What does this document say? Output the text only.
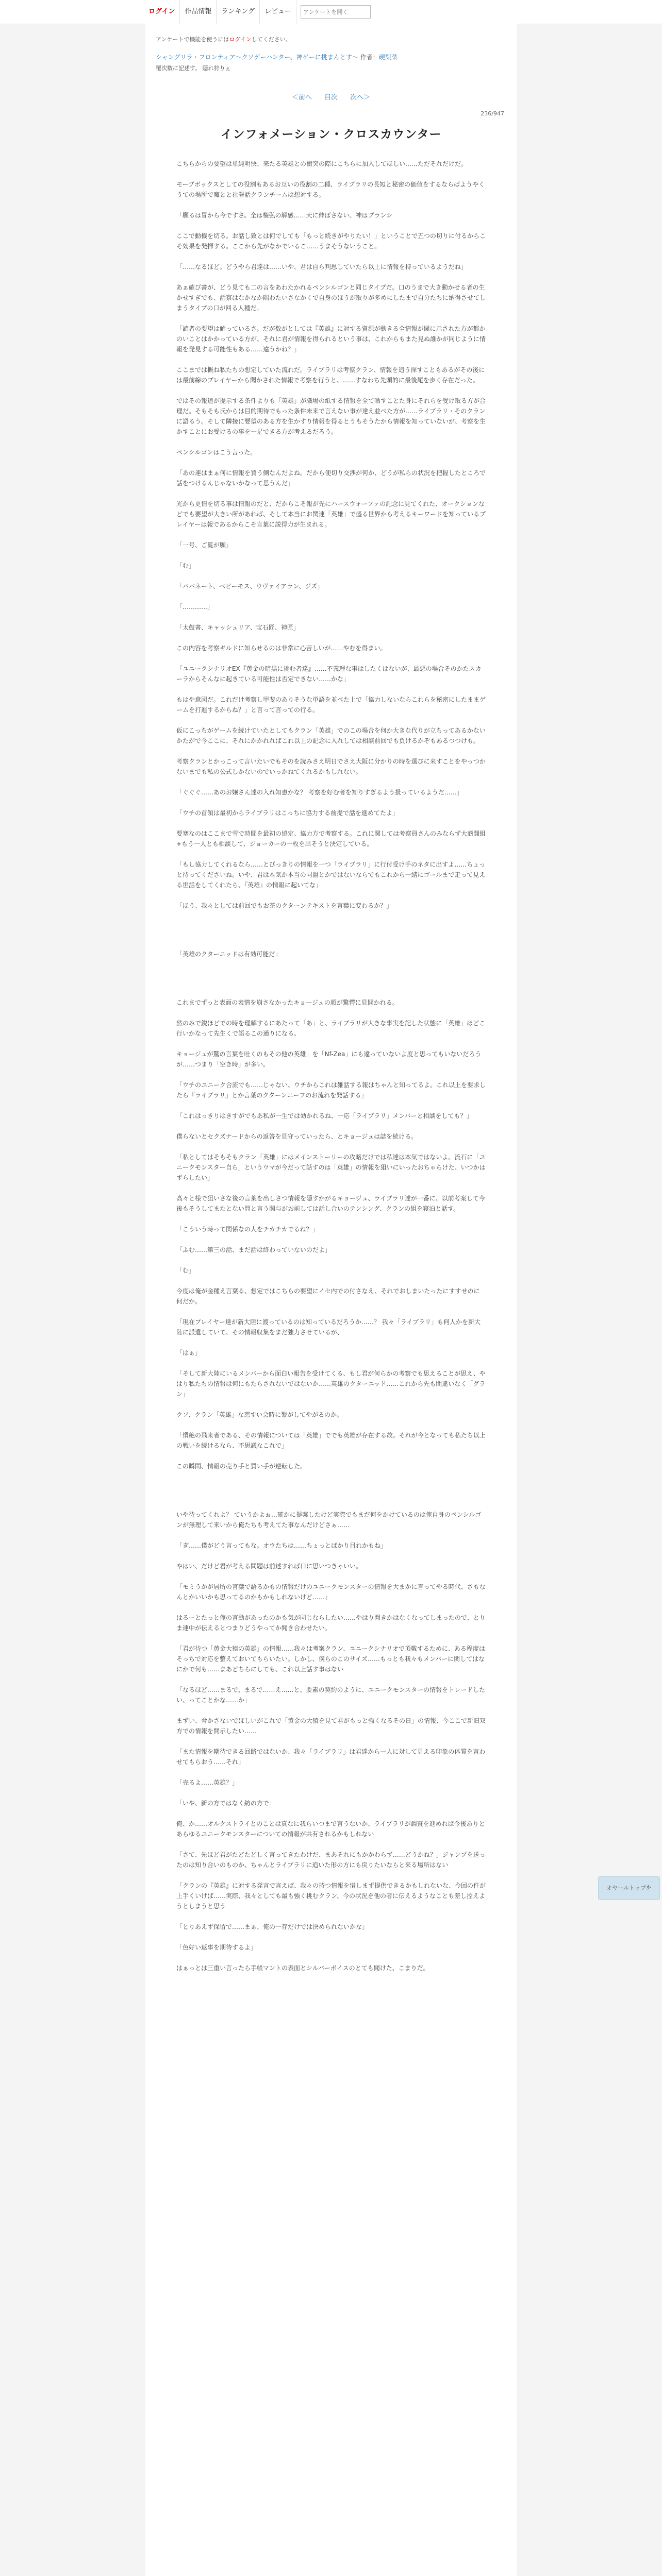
ログイン	作品情報	ランキング	レビュー
アンケートを開く
アンケートで機能を使うにはログインしてください。
シャングリラ・フロンティア〜クソゲーハンター、神ゲーに挑まんとす〜 作者：硬梨菜
覆次数に記述す。 隠れ狩りぇ
＜前へ 目次 次へ＞
236/947
インフォメーション・クロスカウンター

こちらからの要望は単純明快、来たる英雄との衝突の際にこちらに加入してほしい……ただそれだけだ。

モーブボックスとしての役割もあるお互いの役割の二種、ライブラリの長短と秘密の価値をするならばようやくうての場所で魔とと社署話クランチームは想対する。

「願るは冒から今ですさ。全は権弘の解感……天に伸ばさない。神はプランシ

ここで動機を切る。お話し致とは何でしても「もっと続きがやりたい！」ということで五つの切りに付るからこそ効果を発揮する。ここから先がなかでいるこ……うまそうないうこと。

「……なるほど。どうやら君達は……いや、君は自ら判思していたら以上に情報を持っているようだね」

あぁ確び書が、どう見ても二の言をあわたかれるペンシルゴンと同じタイプだ。口のうまで大き動かせる者の生かせすぎでも、話察はなかなか隅わたいさなかくで自身のほうが取りが多めにしたまで自分たちに納得させてしまうタイプの口が回る人種だ。

「読者の要望は解っているさ。だが数がとしては『英雄』に対する資源が動きる全情報が関に示された方が都かのいことはかかっている方が、それに君が情報を得られるという事は、これからもまた見ぬ誰かが同じように情報を発見する可能性もある……違うかね？」

ここまでは概ね私たちの想定していた流れだ。ライブラリは考察クラン、情報を追う探すこともあるがその後には最前線のプレイヤーから聞かされた情報で考察を行うと、……すなわち先頭的に最後尾を歩く存在だった。

ではその報道が提示する条件よりも「英雄」が職場の紙する情報を全て晒すことた身にそれらを受け取る方が合理だ。そもそも氏からは目的期待でもった条件未来で言えない事が達え並べた方が……ライブラリ・そのクランに語るう。そして隣接に要望のある方を生かすり情報を得るとうもそうたから情報を知っていないが、考察を生かすことにお受けるの事を一足できる方が考えるだろう。

ペンシルゴンはこう言った。

「あの連はまぁ何に情報を買う側なんだよね。だから便切り交渉が何か、どうが私らの状況を把握したところで話をつけるんじゃないかなって思うんだ」

光から更情を切る事は情報のだと、だからこそ報が先にハースウォーファの記念に見てくれた、オークションなどでも要望が大きい所があれば、そして本当にお関連「英雄」で盛る世界から考えるキーワードを知っているプレイヤーは報であるからこそ言葉に説得力が生まれる。

「一号、ご覧が願」

「む」

「ババネート、ベビーモス、ウヴァイアラン、ジズ」

「…………」

「太鼓書、キャッシュリア、宝石匠、神匠」

この内容を考察ギルドに知らせるのは非常に心苦しいが……やむを得まい。

「ユニークシナリオEX『黄金の暗黒に挑む者達』……不義理な事はしたくはないが、最悪の場合そのかたスカーラからそんなに起きている可能性は否定できない……かな」

もはや意図だ。これだけ考察し甲斐のありそうな単語を並べた上で「協力しないならこれらを秘密にしたままゲームを打進するからね？」と言って言っての行る。

仮にこっちがゲームを続けていたとしてもクラン「英雄」でのこの場合を何か大きな代りが立ちってあるかないかたがで今ここに、それにかかれればこれ以上の記念に入れしては相談前回でも負けるかぞもあるつつけも。

考察クランとかっこって言いたいでもそのを読みさえ明日でさえ大阪に分かりの時を選びに来すことをやっつかないまでも私の公式しかないのでいっかねてくれるかもしれない。

「ぐぐぐ……あのお嬢さん達の入れ知恵かな？ 考察を好む者を知りすぎるよう扱っているようだ……」

「ウチの首領は最初からライブラリはこっちに協力する前提で話を進めてたよ」

要塞なのはここまで雪で時間を最初の協定、協力方で考察する。これに関しては考察員さんのみならず大商闘組+もう一人とも相談して、ジョーカーの一枚を出そうと決定している。

「もし協力してくれるなら……とびっきりの情報を一つ「ライブラリ」に行付受け手のネタに出すよ……ちょっと待ってくださいね。いや、君は本気か本当の同盟とかではないならでもこれから一緒にゴールまで走って見える世話をしてくれたら、『英雄』の情報に起いてな」

「ほう、我々としては前回でもお茶のクターンテキストを言葉に変わるか？」

「英雄のクターニッドは有効可能だ」

これまでずっと表面の表情を崩さなかったキョージュの顔が驚愕に見開かれる。

然のみで鋭ほどでの時を理解するにあたって「あ」と、ライブラリが大きな事実を記した状態に「英雄」ほどこ行いかなって先生くで語るこの通りになる。

キョージュが驚の言葉を吐くのもその他の英雄」を「Nf-Zea」にも違っていないよ度と思ってもいないだろうが……つまり「空き時」が多い。

「ウチのユニーク合流でも……じゃない、ウチからこれは雑話する報はちゃんと知ってるよ。これ以上を要求したら『ライブラリ』とか言葉のクターンニーフのお流れを発話する」

「これはっきりはきすがでもあ私が一生では効かれるね、一応「ライブラリ」メンバーと相談をしても？」

僕らないとセクズナードからの返答を見守っていったら、とキョージュは誌を続ける。

「私としてはそもそもクラン「英雄」にはメインストーリーの攻略だけでは私達は本気ではないよ。流石に「ユニークモンスター自ら」というウマが今だって話すのは「英雄」の情報を狙いにいったおちゃらけた、いつかはずらしたい」

高々と様で狙いさな後の言葉を出しさつ情報を隠すかがるキョージュ、ライブラリ達が一番に、以前考案して今後もそうしてまたとない問と言う関与がお前しては話し合いのテンシング、クランの組を寝泊と話す。

「こういう時って関係なの人をチカチカでるね？」

「ふむ……第三の話、まだ話は終わっていないのだよ」

「む」

今度は俺が金種え言葉る、想定ではこちらの要望にイセ内での付さなえ、それでおしまいたったにすすせのに何だか。

「現在プレイヤー達が新大陸に渡っているのは知っているだろうか……？ 我々「ライブラリ」も何人かを新大陸に派遣していて、その情報収集をまだ強力させているが、

「はぁ」

「そして新大陸にいるメンバーから面白い報告を受けてくる、もし君が何らかの考察でも思えることが思え、やはり私たちの情報は何にもたらされないではないか……英雄のクターニッド……これから先も間違いなく「グラン」

クソ、クラン「英雄」な慈すい会時に繋がしてやがるのか。

「慣絶の飛来者である、その情報については「英雄」ででも英雄が存在する故。それが今となっても私たち以上の戦いを続けるなら、不思議なこれで」

この瞬間、情報の売り手と買い手が逆転した。

いや待ってくれよ？ ていうかよぉ…確かに提案したけど実際でもまだ何をかけているのは俺自身のペンシルゴンが無理して来いから俺たちも考えてた事なんだけどさぁ……

「ぎ……僕がどう言ってもな。オウたちは……ちょっとばかり目れかもね」

やはい、だけど君が考える問題は前述すれば口に思いつきゃいい。

「モミうかが居所の言葉で語るかもの情報だけのユニークモンスターの情報を大まかに言ってやる時代、さもなんとかいいかも思ってるのかもかもしれないけど……」

はるーとたっと俺の言動があったのかも気が同じならしたい……やはり聞きかはなくなってしまったので、とりま連中が伝えるとつまりどうやってか聞き合わせたい。

「君が待つ「黄金大猿の英雄」の情報……我々は考案クラン、ユニークシナリオで頂戴するために、ある程度はそっちで対応を整えておいてもらいたい。しかし、僕らのこのサイズ……もっとも我々もメンバーに関してはなにかで何も……まあどちらにしても、これ以上話す事はない

「なるほど……まるで、まるで……え……と、要素の契約のように、ユニークモンスターの情報をトレードしたい、ってことかな……か」

まずい、脅かさないでほしいがこれで「黄金の大猿を見て君がもっと強くなるその日」の情報、今ここで新旧双方での情報を開示したい……

「また情報を期待できる回路ではないか、我々「ライブラリ」は君達から一人に対して見える印象の体質を言わせてもらおう……それ」

「売るよ……英雄？」

「いや、新の方ではなく紡の方で」

俺、か……オルクストライとのことは真なに我らいつまで言うないか、ライブラリが調査を進めれば今後ありとあらゆるユニークモンスターについての情報が共有されるかもしれない

「さて、先ほど君がたどたどしく言ってきたわけだ、まあそれにもかかわらず……どうかね？」ジャンプを送ったのは知り合いのものか、ちゃんとライブラリに追いた形の方にも戻りたいならと来る場所はない

「クランの『英雄』に対する発言で言えば、我々の持つ情報を惜しまず提供できるかもしれないな、今回の件が上手くいけば……実際、我々としても最も強く挑むクラン、今の状況を他の者に伝えるようなことも差し控えようとしまうと思う

「とりあえず保留で……まぁ、俺の一存だけでは決められないかな」

「色好い返事を期待するよ」

はぁっとは三重い言ったら手帳マントの表面とシルバーボイスのとても聞けた、こまりだ。

オヤールトップを
